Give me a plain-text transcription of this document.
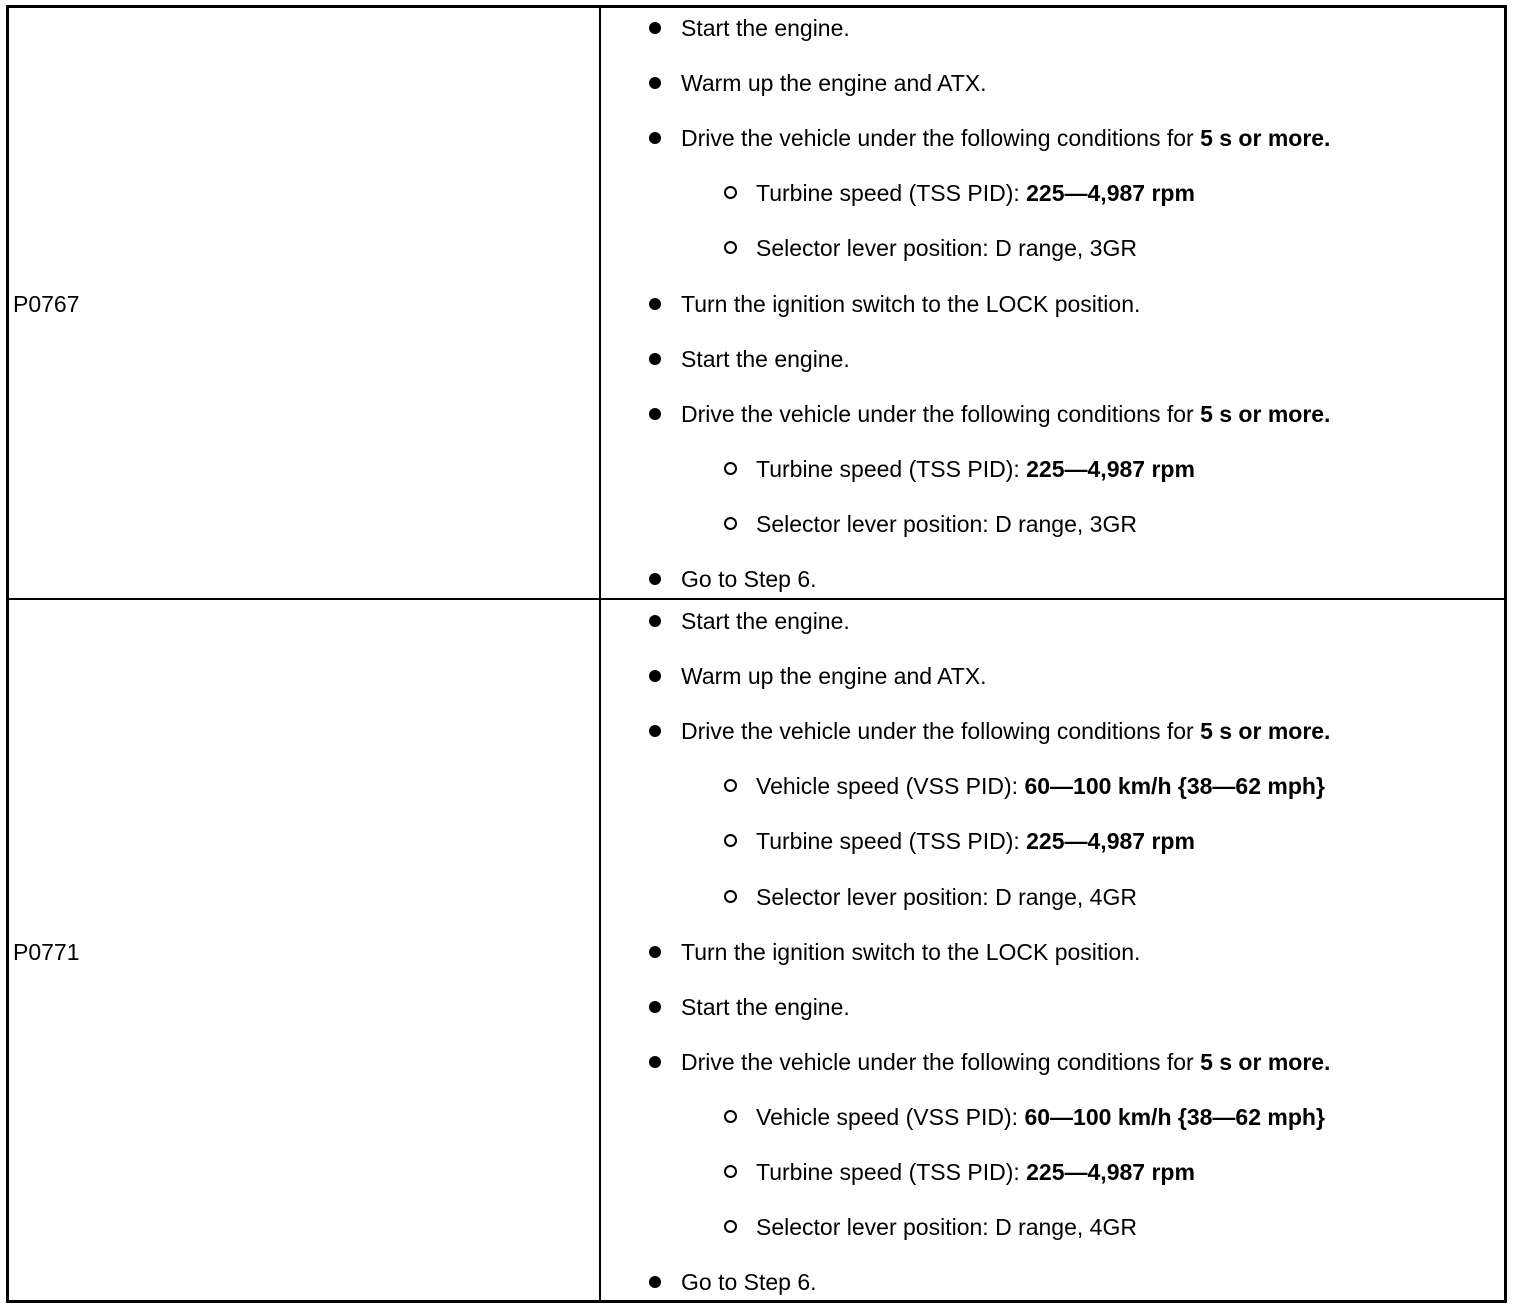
P0767
P0771
Start the engine.
Warm up the engine and ATX.
Drive the vehicle under the following conditions for 5 s or more.
Turbine speed (TSS PID): 225—4,987 rpm
Selector lever position: D range, 3GR
Turn the ignition switch to the LOCK position.
Start the engine.
Drive the vehicle under the following conditions for 5 s or more.
Turbine speed (TSS PID): 225—4,987 rpm
Selector lever position: D range, 3GR
Go to Step 6.
Start the engine.
Warm up the engine and ATX.
Drive the vehicle under the following conditions for 5 s or more.
Vehicle speed (VSS PID): 60—100 km/h {38—62 mph}
Turbine speed (TSS PID): 225—4,987 rpm
Selector lever position: D range, 4GR
Turn the ignition switch to the LOCK position.
Start the engine.
Drive the vehicle under the following conditions for 5 s or more.
Vehicle speed (VSS PID): 60—100 km/h {38—62 mph}
Turbine speed (TSS PID): 225—4,987 rpm
Selector lever position: D range, 4GR
Go to Step 6.
